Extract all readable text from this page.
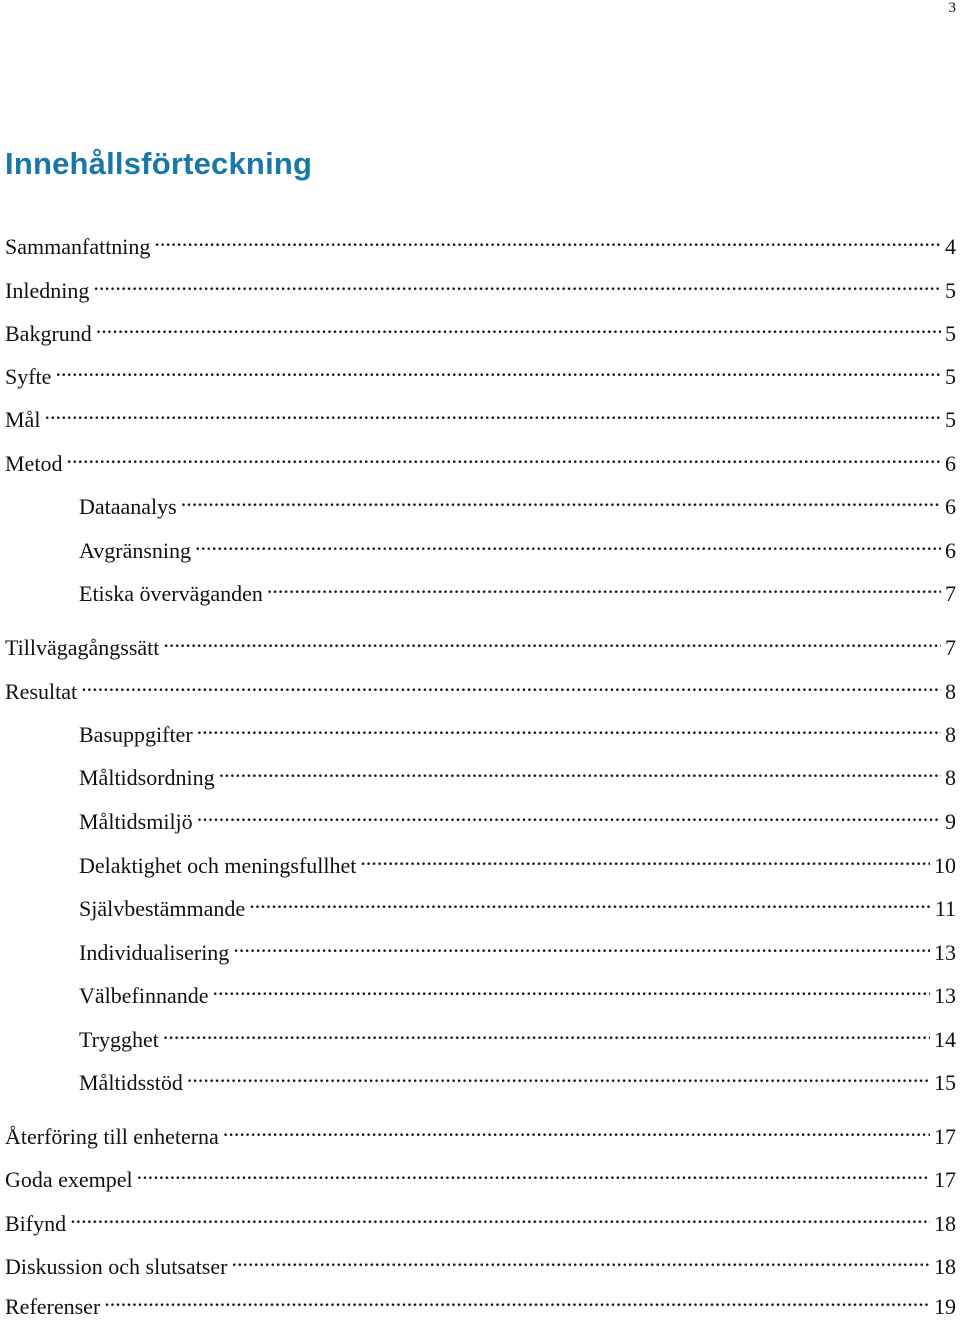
3
Innehållsförteckning
Sammanfattning .....	4
Inledning .....	5
Bakgrund .....	5
Syfte .....	5
Mål .....	5
Metod .....	6
Dataanalys .....	6
Avgränsning .....	6
Etiska överväganden .....	7
Tillvägagångssätt .....	7
Resultat .....	8
Basuppgifter .....	8
Måltidsordning .....	8
Måltidsmiljö .....	9
Delaktighet och meningsfullhet .....	10
Självbestämmande .....	11
Individualisering .....	13
Välbefinnande .....	13
Trygghet .....	14
Måltidsstöd .....	15
Återföring till enheterna .....	17
Goda exempel .....	17
Bifynd .....	18
Diskussion och slutsatser .....	18
Referenser .....	19
